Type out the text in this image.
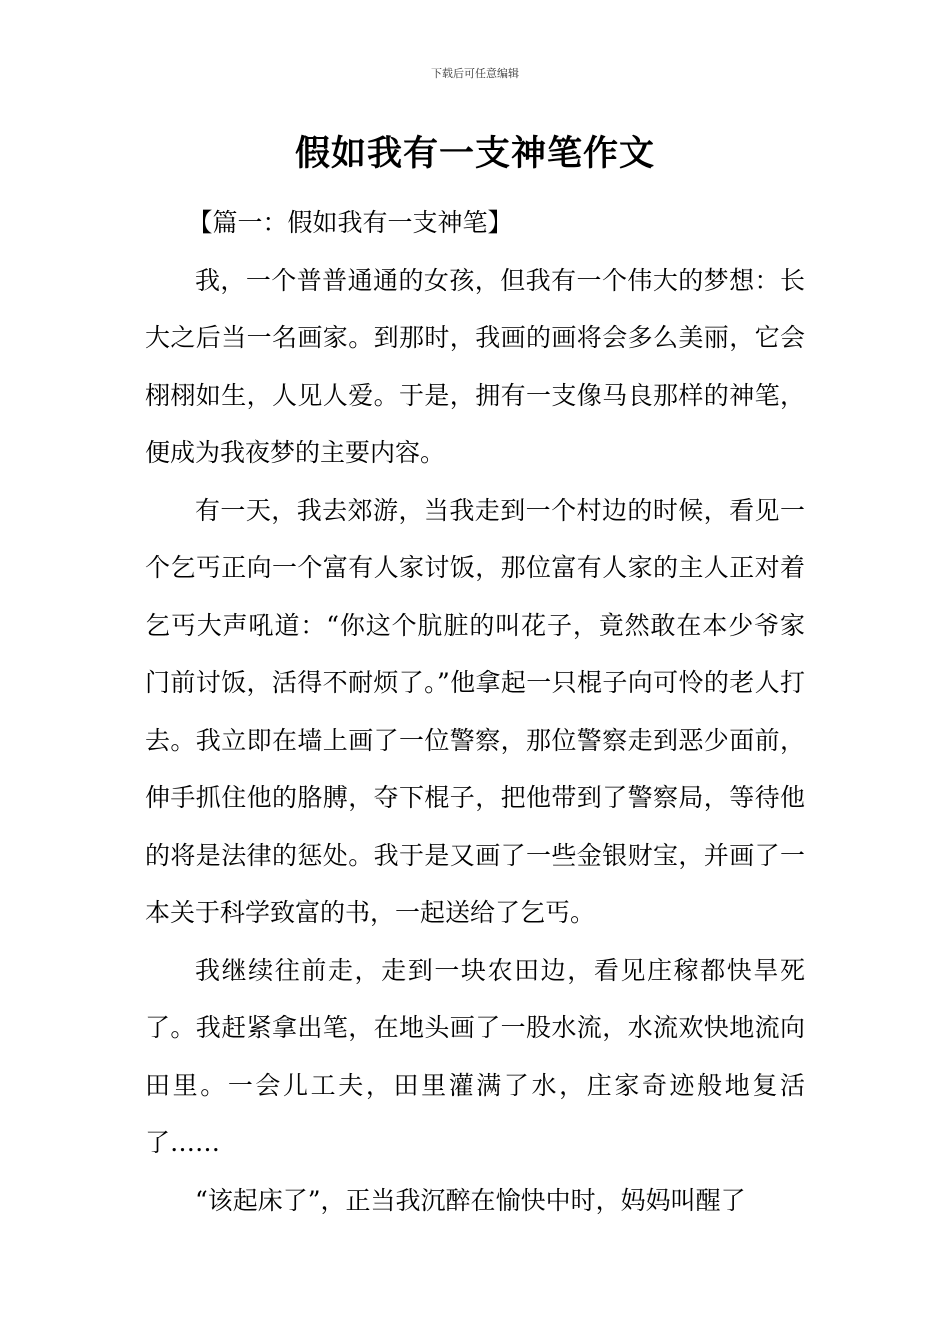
下载后可任意编辑
假如我有一支神笔作文

【篇一：假如我有一支神笔】

我，一个普普通通的女孩，但我有一个伟大的梦想：长大之后当一名画家。到那时，我画的画将会多么美丽，它会栩栩如生，人见人爱。于是，拥有一支像马良那样的神笔，便成为我夜梦的主要内容。

有一天，我去郊游，当我走到一个村边的时候，看见一个乞丐正向一个富有人家讨饭，那位富有人家的主人正对着乞丐大声吼道：“你这个肮脏的叫花子，竟然敢在本少爷家门前讨饭，活得不耐烦了。”他拿起一只棍子向可怜的老人打去。我立即在墙上画了一位警察，那位警察走到恶少面前，伸手抓住他的胳膊，夺下棍子，把他带到了警察局，等待他的将是法律的惩处。我于是又画了一些金银财宝，并画了一本关于科学致富的书，一起送给了乞丐。

我继续往前走，走到一块农田边，看见庄稼都快旱死了。我赶紧拿出笔，在地头画了一股水流，水流欢快地流向田里。一会儿工夫，田里灌满了水，庄家奇迹般地复活了……

“该起床了”，正当我沉醉在愉快中时，妈妈叫醒了
